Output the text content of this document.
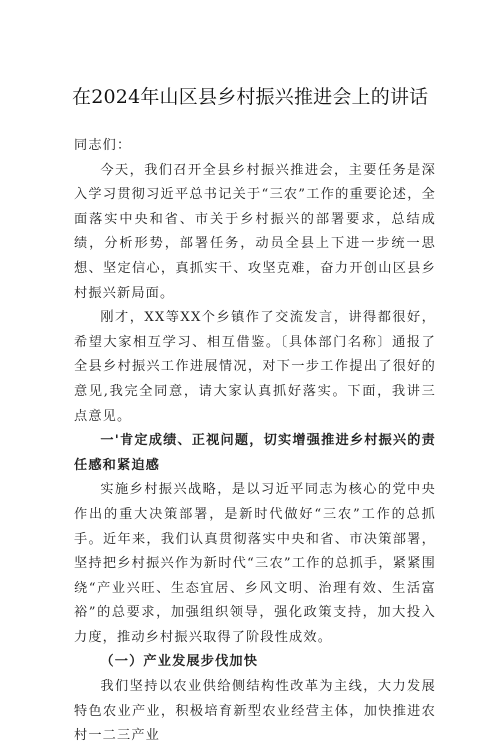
在2024年山区县乡村振兴推进会上的讲话

同志们：

今天，我们召开全县乡村振兴推进会，主要任务是深入学习贯彻习近平总书记关于“三农”工作的重要论述，全面落实中央和省、市关于乡村振兴的部署要求，总结成绩，分析形势，部署任务，动员全县上下进一步统一思想、坚定信心，真抓实干、攻坚克难，奋力开创山区县乡村振兴新局面。

刚才，XX等XX个乡镇作了交流发言，讲得都很好，希望大家相互学习、相互借鉴。〔具体部门名称〕通报了全县乡村振兴工作进展情况，对下一步工作提出了很好的意见,我完全同意，请大家认真抓好落实。下面，我讲三点意见。

一'肯定成绩、正视问题，切实增强推进乡村振兴的责任感和紧迫感

实施乡村振兴战略，是以习近平同志为核心的党中央作出的重大决策部署，是新时代做好“三农”工作的总抓手。近年来，我们认真贯彻落实中央和省、市决策部署，坚持把乡村振兴作为新时代“三农”工作的总抓手，紧紧围绕“产业兴旺、生态宜居、乡风文明、治理有效、生活富裕”的总要求，加强组织领导，强化政策支持，加大投入力度，推动乡村振兴取得了阶段性成效。

（一）产业发展步伐加快

我们坚持以农业供给侧结构性改革为主线，大力发展特色农业产业，积极培育新型农业经营主体，加快推进农村一二三产业
